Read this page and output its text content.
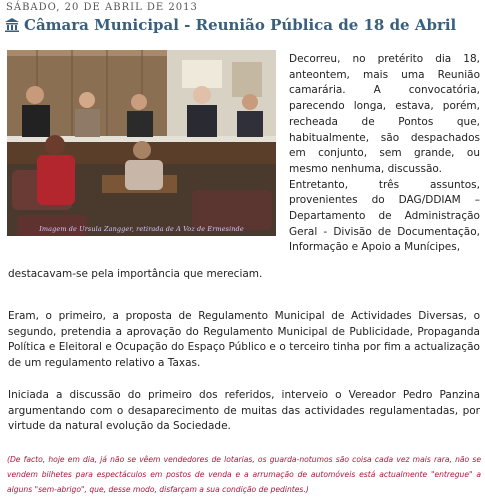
SÁBADO, 20 DE ABRIL DE 2013
Câmara Municipal - Reunião Pública de 18 de Abril
Imagem de Ursula Zangger, retirada de A Voz de Ermesinde

Decorreu, no pretérito dia 18, anteontem, mais uma Reunião camarária. A convocatória, parecendo longa, estava, porém, recheada de Pontos que, habitualmente, são despachados em conjunto, sem grande, ou mesmo nenhuma, discussão.

Entretanto, três assuntos, provenientes do DAG/DDIAM – Departamento de Administração Geral - Divisão de Documentação, Informação e Apoio a Munícipes,

destacavam-se pela importância que mereciam.

Eram, o primeiro, a proposta de Regulamento Municipal de Actividades Diversas, o segundo, pretendia a aprovação do Regulamento Municipal de Publicidade, Propaganda Política e Eleitoral e Ocupação do Espaço Público e o terceiro tinha por fim a actualização de um regulamento relativo a Taxas.

Iniciada a discussão do primeiro dos referidos, interveio o Vereador Pedro Panzina argumentando com o desaparecimento de muitas das actividades regulamentadas, por virtude da natural evolução da Sociedade.

(De facto, hoje em dia, já não se vêem vendedores de lotarias, os guarda-notumos são coisa cada vez mais rara, não se vendem bilhetes para espectáculos em postos de venda e a arrumação de automóveis está actualmente "entregue" a alguns "sem-abrigo", que, desse modo, disfarçam a sua condição de pedintes.)
